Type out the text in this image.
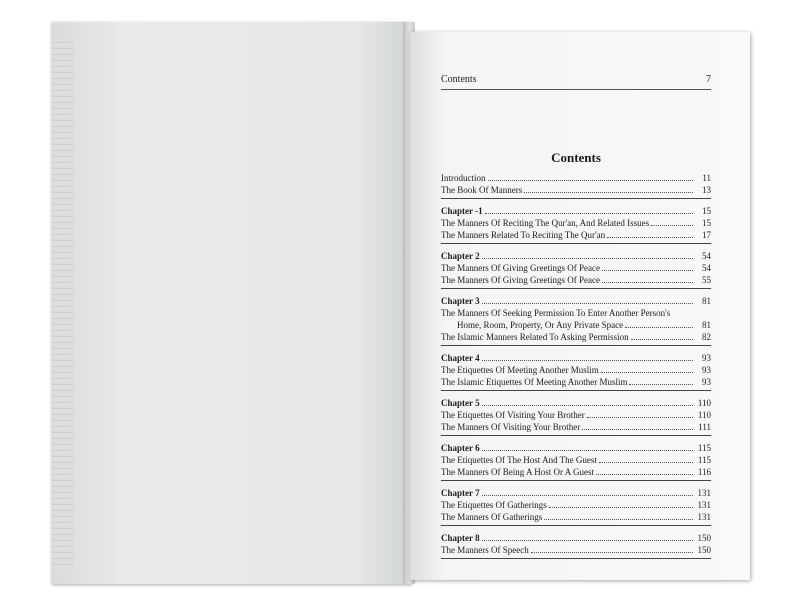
Contents	7
Contents
Introduction	11
The Book Of Manners	13
Chapter -1	15
The Manners Of Reciting The Qur'an, And Related Issues	15
The Manners Related To Reciting The Qur'an	17
Chapter 2	54
The Manners Of Giving Greetings Of Peace	54
The Manners Of Giving Greetings Of Peace	55
Chapter 3	81
The Manners Of Seeking Permission To Enter Another Person's
Home, Room, Property, Or Any Private Space	81
The Islamic Manners Related To Asking Permission	82
Chapter 4	93
The Etiquettes Of Meeting Another Muslim	93
The Islamic Etiquettes Of Meeting Another Muslim	93
Chapter 5	110
The Etiquettes Of Visiting Your Brother	110
The Manners Of Visiting Your Brother	111
Chapter 6	115
The Etiquettes Of The Host And The Guest	115
The Manners Of Being A Host Or A Guest	116
Chapter 7	131
The Etiquettes Of Gatherings	131
The Manners Of Gatherings	131
Chapter 8	150
The Manners Of Speech	150
